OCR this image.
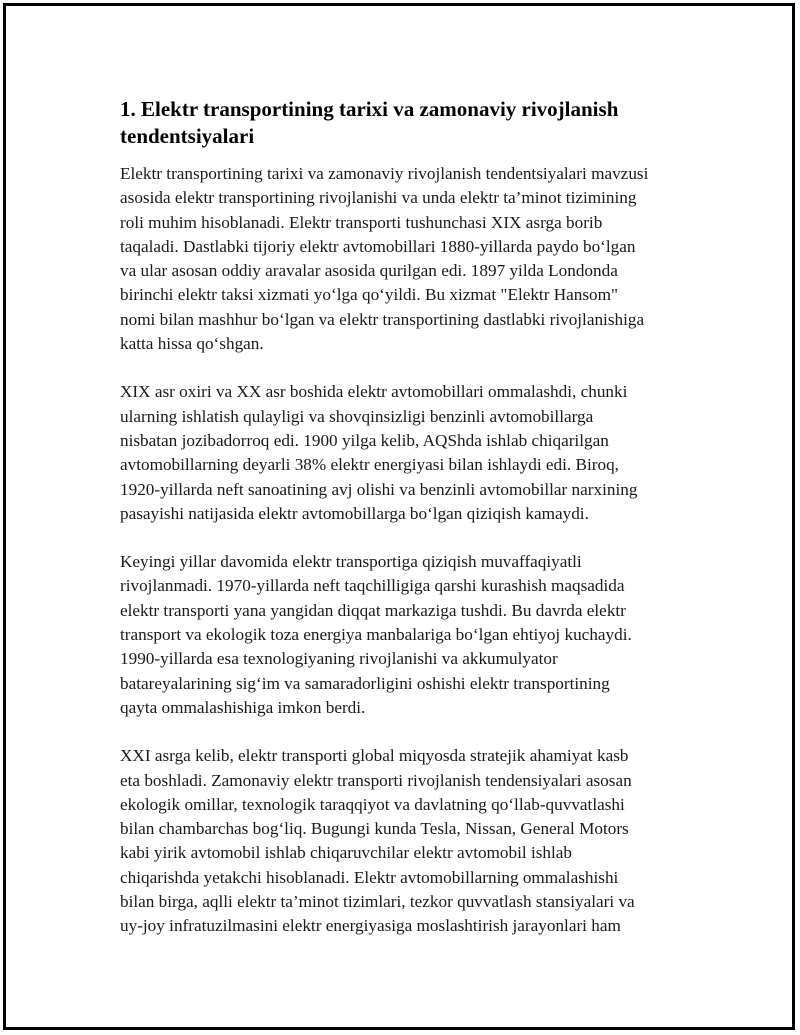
1. Elektr transportining tarixi va zamonaviy rivojlanish
tendentsiyalari

Elektr transportining tarixi va zamonaviy rivojlanish tendentsiyalari mavzusi
asosida elektr transportining rivojlanishi va unda elektr ta’minot tizimining
roli muhim hisoblanadi. Elektr transporti tushunchasi XIX asrga borib
taqaladi. Dastlabki tijoriy elektr avtomobillari 1880-yillarda paydo bo‘lgan
va ular asosan oddiy aravalar asosida qurilgan edi. 1897 yilda Londonda
birinchi elektr taksi xizmati yo‘lga qo‘yildi. Bu xizmat "Elektr Hansom"
nomi bilan mashhur bo‘lgan va elektr transportining dastlabki rivojlanishiga
katta hissa qo‘shgan.

XIX asr oxiri va XX asr boshida elektr avtomobillari ommalashdi, chunki
ularning ishlatish qulayligi va shovqinsizligi benzinli avtomobillarga
nisbatan jozibadorroq edi. 1900 yilga kelib, AQShda ishlab chiqarilgan
avtomobillarning deyarli 38% elektr energiyasi bilan ishlaydi edi. Biroq,
1920-yillarda neft sanoatining avj olishi va benzinli avtomobillar narxining
pasayishi natijasida elektr avtomobillarga bo‘lgan qiziqish kamaydi.

Keyingi yillar davomida elektr transportiga qiziqish muvaffaqiyatli
rivojlanmadi. 1970-yillarda neft taqchilligiga qarshi kurashish maqsadida
elektr transporti yana yangidan diqqat markaziga tushdi. Bu davrda elektr
transport va ekologik toza energiya manbalariga bo‘lgan ehtiyoj kuchaydi.
1990-yillarda esa texnologiyaning rivojlanishi va akkumulyator
batareyalarining sig‘im va samaradorligini oshishi elektr transportining
qayta ommalashishiga imkon berdi.

XXI asrga kelib, elektr transporti global miqyosda stratejik ahamiyat kasb
eta boshladi. Zamonaviy elektr transporti rivojlanish tendensiyalari asosan
ekologik omillar, texnologik taraqqiyot va davlatning qo‘llab-quvvatlashi
bilan chambarchas bog‘liq. Bugungi kunda Tesla, Nissan, General Motors
kabi yirik avtomobil ishlab chiqaruvchilar elektr avtomobil ishlab
chiqarishda yetakchi hisoblanadi. Elektr avtomobillarning ommalashishi
bilan birga, aqlli elektr ta’minot tizimlari, tezkor quvvatlash stansiyalari va
uy-joy infratuzilmasini elektr energiyasiga moslashtirish jarayonlari ham
